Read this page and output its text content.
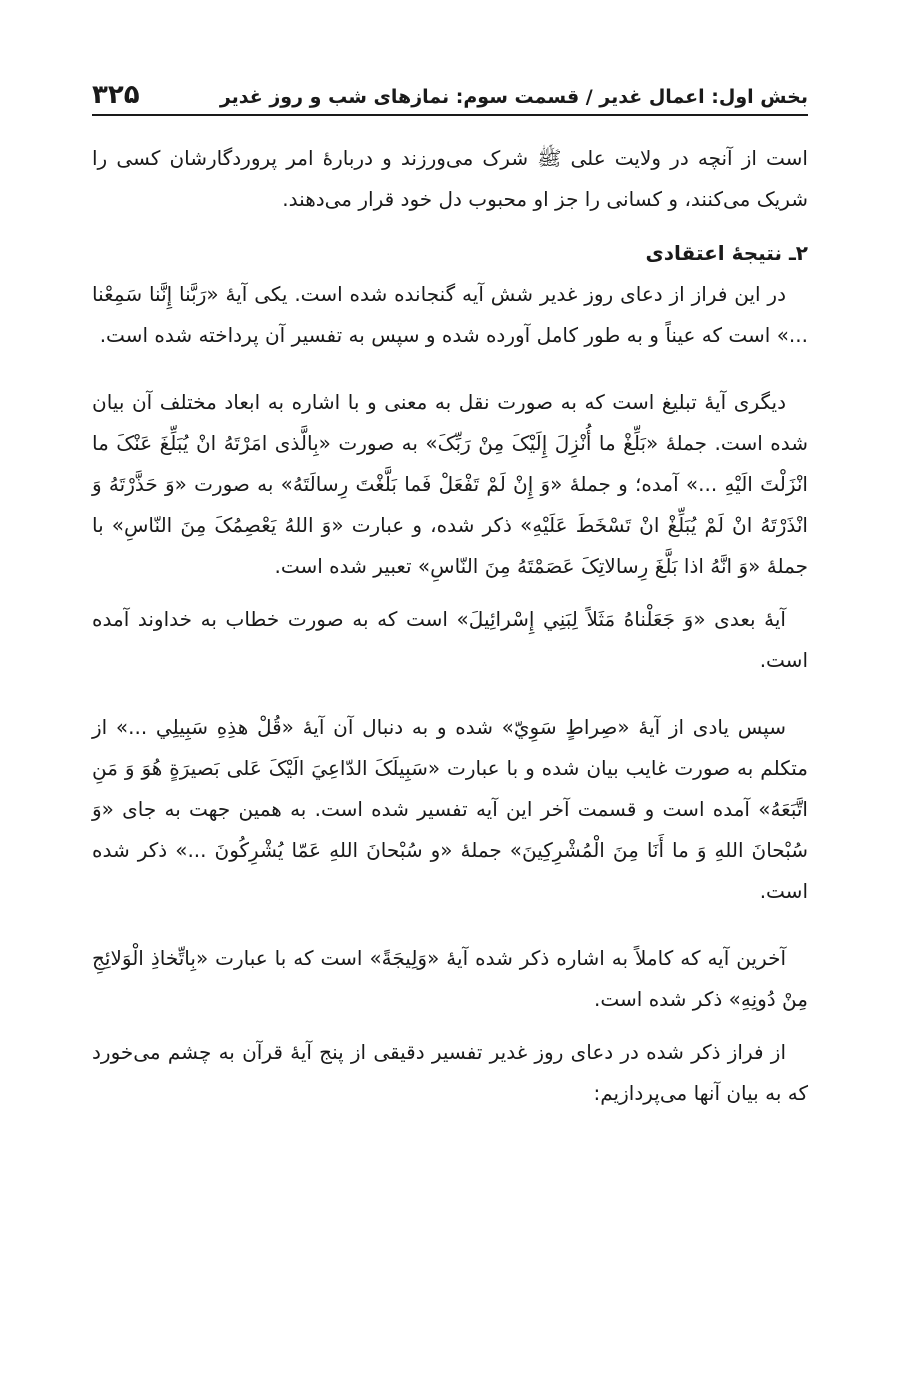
بخش اول: اعمال غدیر / قسمت سوم: نمازهای شب و روز غدیر
۳۲۵

است از آنچه در ولایت علی ﷺ شرک می‌ورزند و دربارهٔ امر پروردگارشان کسی را شریک می‌کنند، و کسانی را جز او محبوب دل خود قرار می‌دهند.

۲ـ نتیجهٔ اعتقادی

در این فراز از دعای روز غدیر شش آیه گنجانده شده است. یکی آیهٔ «رَبَّنا إِنَّنا سَمِعْنا ...» است که عیناً و به طور کامل آورده شده و سپس به تفسیر آن پرداخته شده است.

دیگری آیهٔ تبلیغ است که به صورت نقل به معنی و با اشاره به ابعاد مختلف آن بیان شده است. جملهٔ «بَلِّغْ ما أُنْزِلَ إِلَيْکَ مِنْ رَبِّکَ» به صورت «بِالَّذی امَرْتَهُ انْ يُبَلِّغَ عَنْکَ ما انْزَلْتَ الَيْهِ ...» آمده؛ و جملهٔ «وَ إِنْ لَمْ تَفْعَلْ فَما بَلَّغْتَ رِسالَتَهُ» به صورت «وَ حَذَّرْتَهُ وَ انْذَرْتَهُ انْ لَمْ يُبَلِّغْ انْ تَسْخَطَ عَلَيْهِ» ذکر شده، و عبارت «وَ اللهُ يَعْصِمُکَ مِنَ النّاسِ» با جملهٔ «وَ انَّهُ اذا بَلَّغَ رِسالاتِکَ عَصَمْتَهُ مِنَ النّاسِ» تعبیر شده است.

آیهٔ بعدی «وَ جَعَلْناهُ مَثَلاً لِبَنِي إِسْرائِيلَ» است که به صورت خطاب به خداوند آمده است.

سپس یادی از آیهٔ «صِراطٍ سَوِيّ» شده و به دنبال آن آیهٔ «قُلْ هذِهِ سَبِيلِي ...» از متکلم به صورت غایب بیان شده و با عبارت «سَبِيلَکَ الدّاعِيَ الَيْکَ عَلى بَصيرَةٍ هُوَ وَ مَنِ اتَّبَعَهُ» آمده است و قسمت آخر این آیه تفسیر شده است. به همین جهت به جای «وَ سُبْحانَ اللهِ وَ ما أَنَا مِنَ الْمُشْرِكِينَ» جملهٔ «و سُبْحانَ اللهِ عَمّا يُشْرِكُونَ ...» ذکر شده است.

آخرین آیه که کاملاً به اشاره ذکر شده آیهٔ «وَلِيجَةً» است که با عبارت «بِاتِّخاذِ الْوَلائِجِ مِنْ دُونِهِ» ذکر شده است.

از فراز ذکر شده در دعای روز غدیر تفسیر دقیقی از پنج آیهٔ قرآن به چشم می‌خورد که به بیان آنها می‌پردازیم:
